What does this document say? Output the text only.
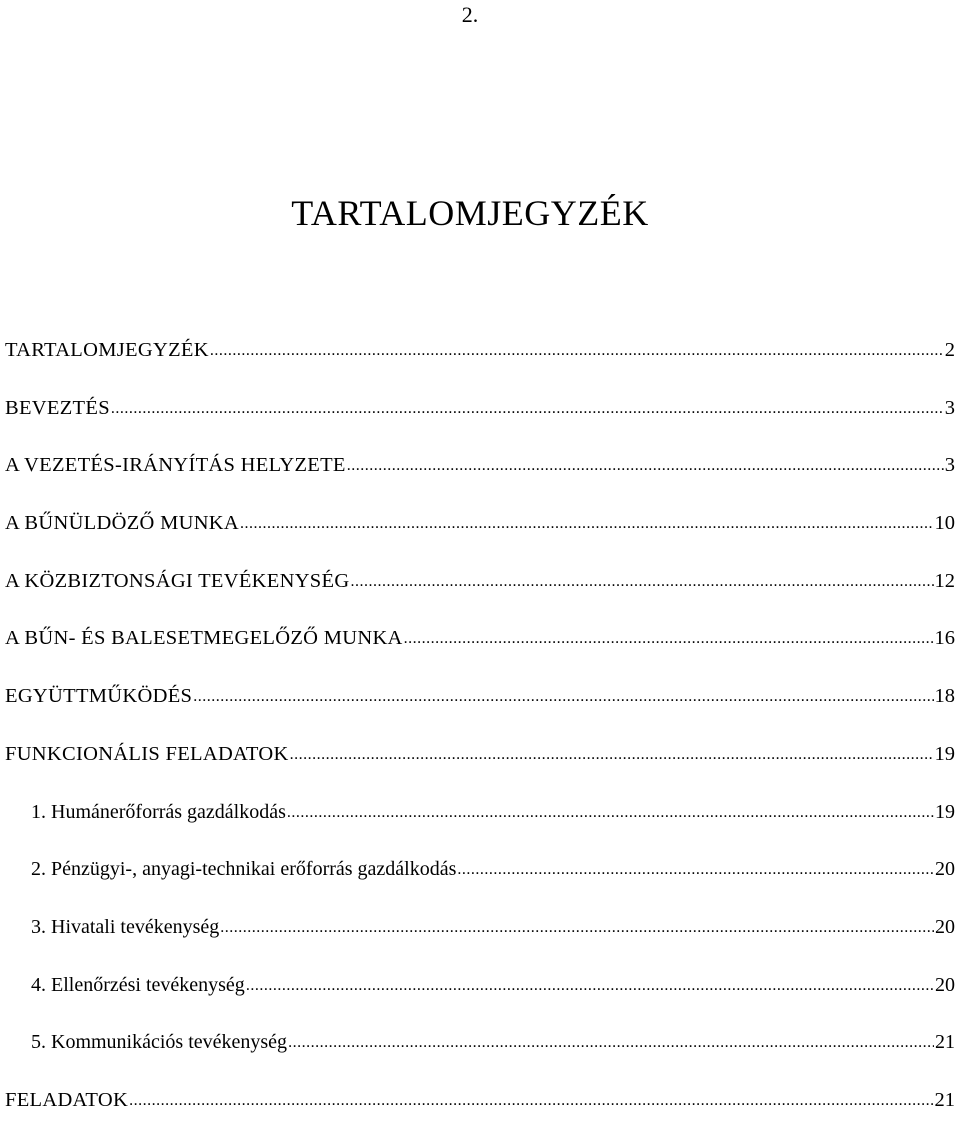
2.
TARTALOMJEGYZÉK
TARTALOMJEGYZÉK .....	2
BEVEZTÉS .....	3
A VEZETÉS-IRÁNYÍTÁS HELYZETE .....	3
A BŰNÜLDÖZŐ MUNKA .....	10
A KÖZBIZTONSÁGI TEVÉKENYSÉG .....	12
A BŰN- ÉS BALESETMEGELŐZŐ MUNKA .....	16
EGYÜTTMŰKÖDÉS .....	18
FUNKCIONÁLIS FELADATOK .....	19
1. Humánerőforrás gazdálkodás .....	19
2. Pénzügyi-, anyagi-technikai erőforrás gazdálkodás .....	20
3. Hivatali tevékenység .....	20
4. Ellenőrzési tevékenység .....	20
5. Kommunikációs tevékenység .....	21
FELADATOK .....	21
